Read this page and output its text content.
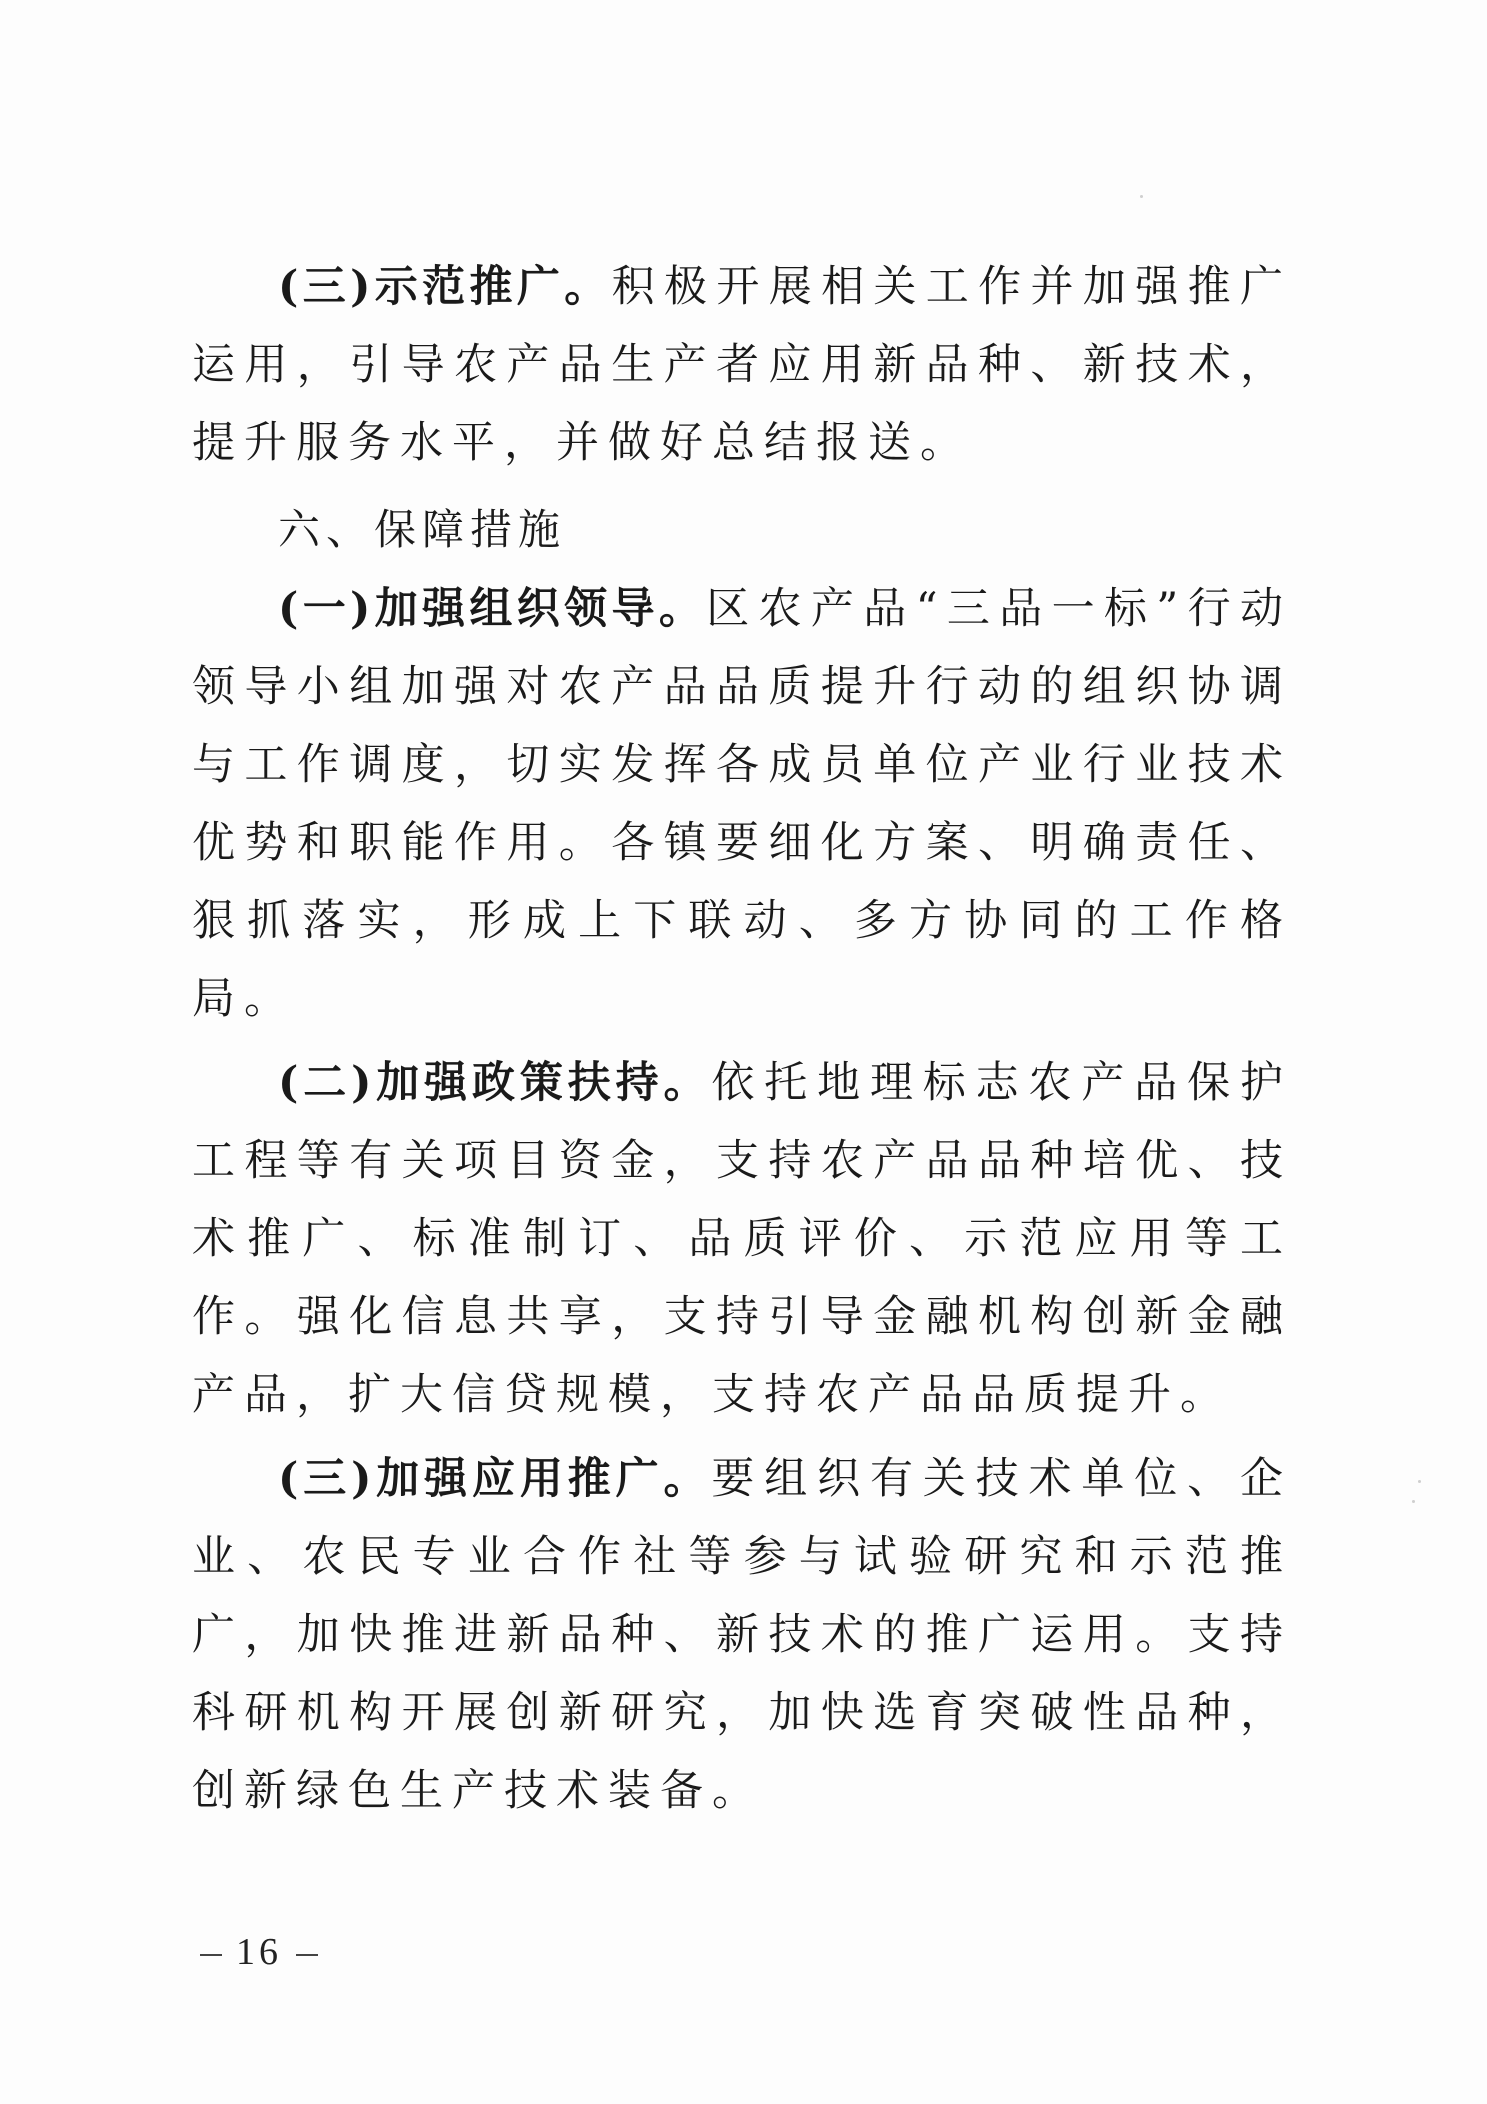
(三)示范推广。积极开展相关工作并加强推广运用，引导农产品生产者应用新品种、新技术，提升服务水平，并做好总结报送。

六、保障措施

(一)加强组织领导。区农产品“三品一标”行动领导小组加强对农产品品质提升行动的组织协调与工作调度，切实发挥各成员单位产业行业技术优势和职能作用。各镇要细化方案、明确责任、狠抓落实，形成上下联动、多方协同的工作格局。

(二)加强政策扶持。依托地理标志农产品保护工程等有关项目资金，支持农产品品种培优、技术推广、标准制订、品质评价、示范应用等工作。强化信息共享，支持引导金融机构创新金融产品，扩大信贷规模，支持农产品品质提升。

(三)加强应用推广。要组织有关技术单位、企业、农民专业合作社等参与试验研究和示范推广，加快推进新品种、新技术的推广运用。支持科研机构开展创新研究，加快选育突破性品种，创新绿色生产技术装备。

16
